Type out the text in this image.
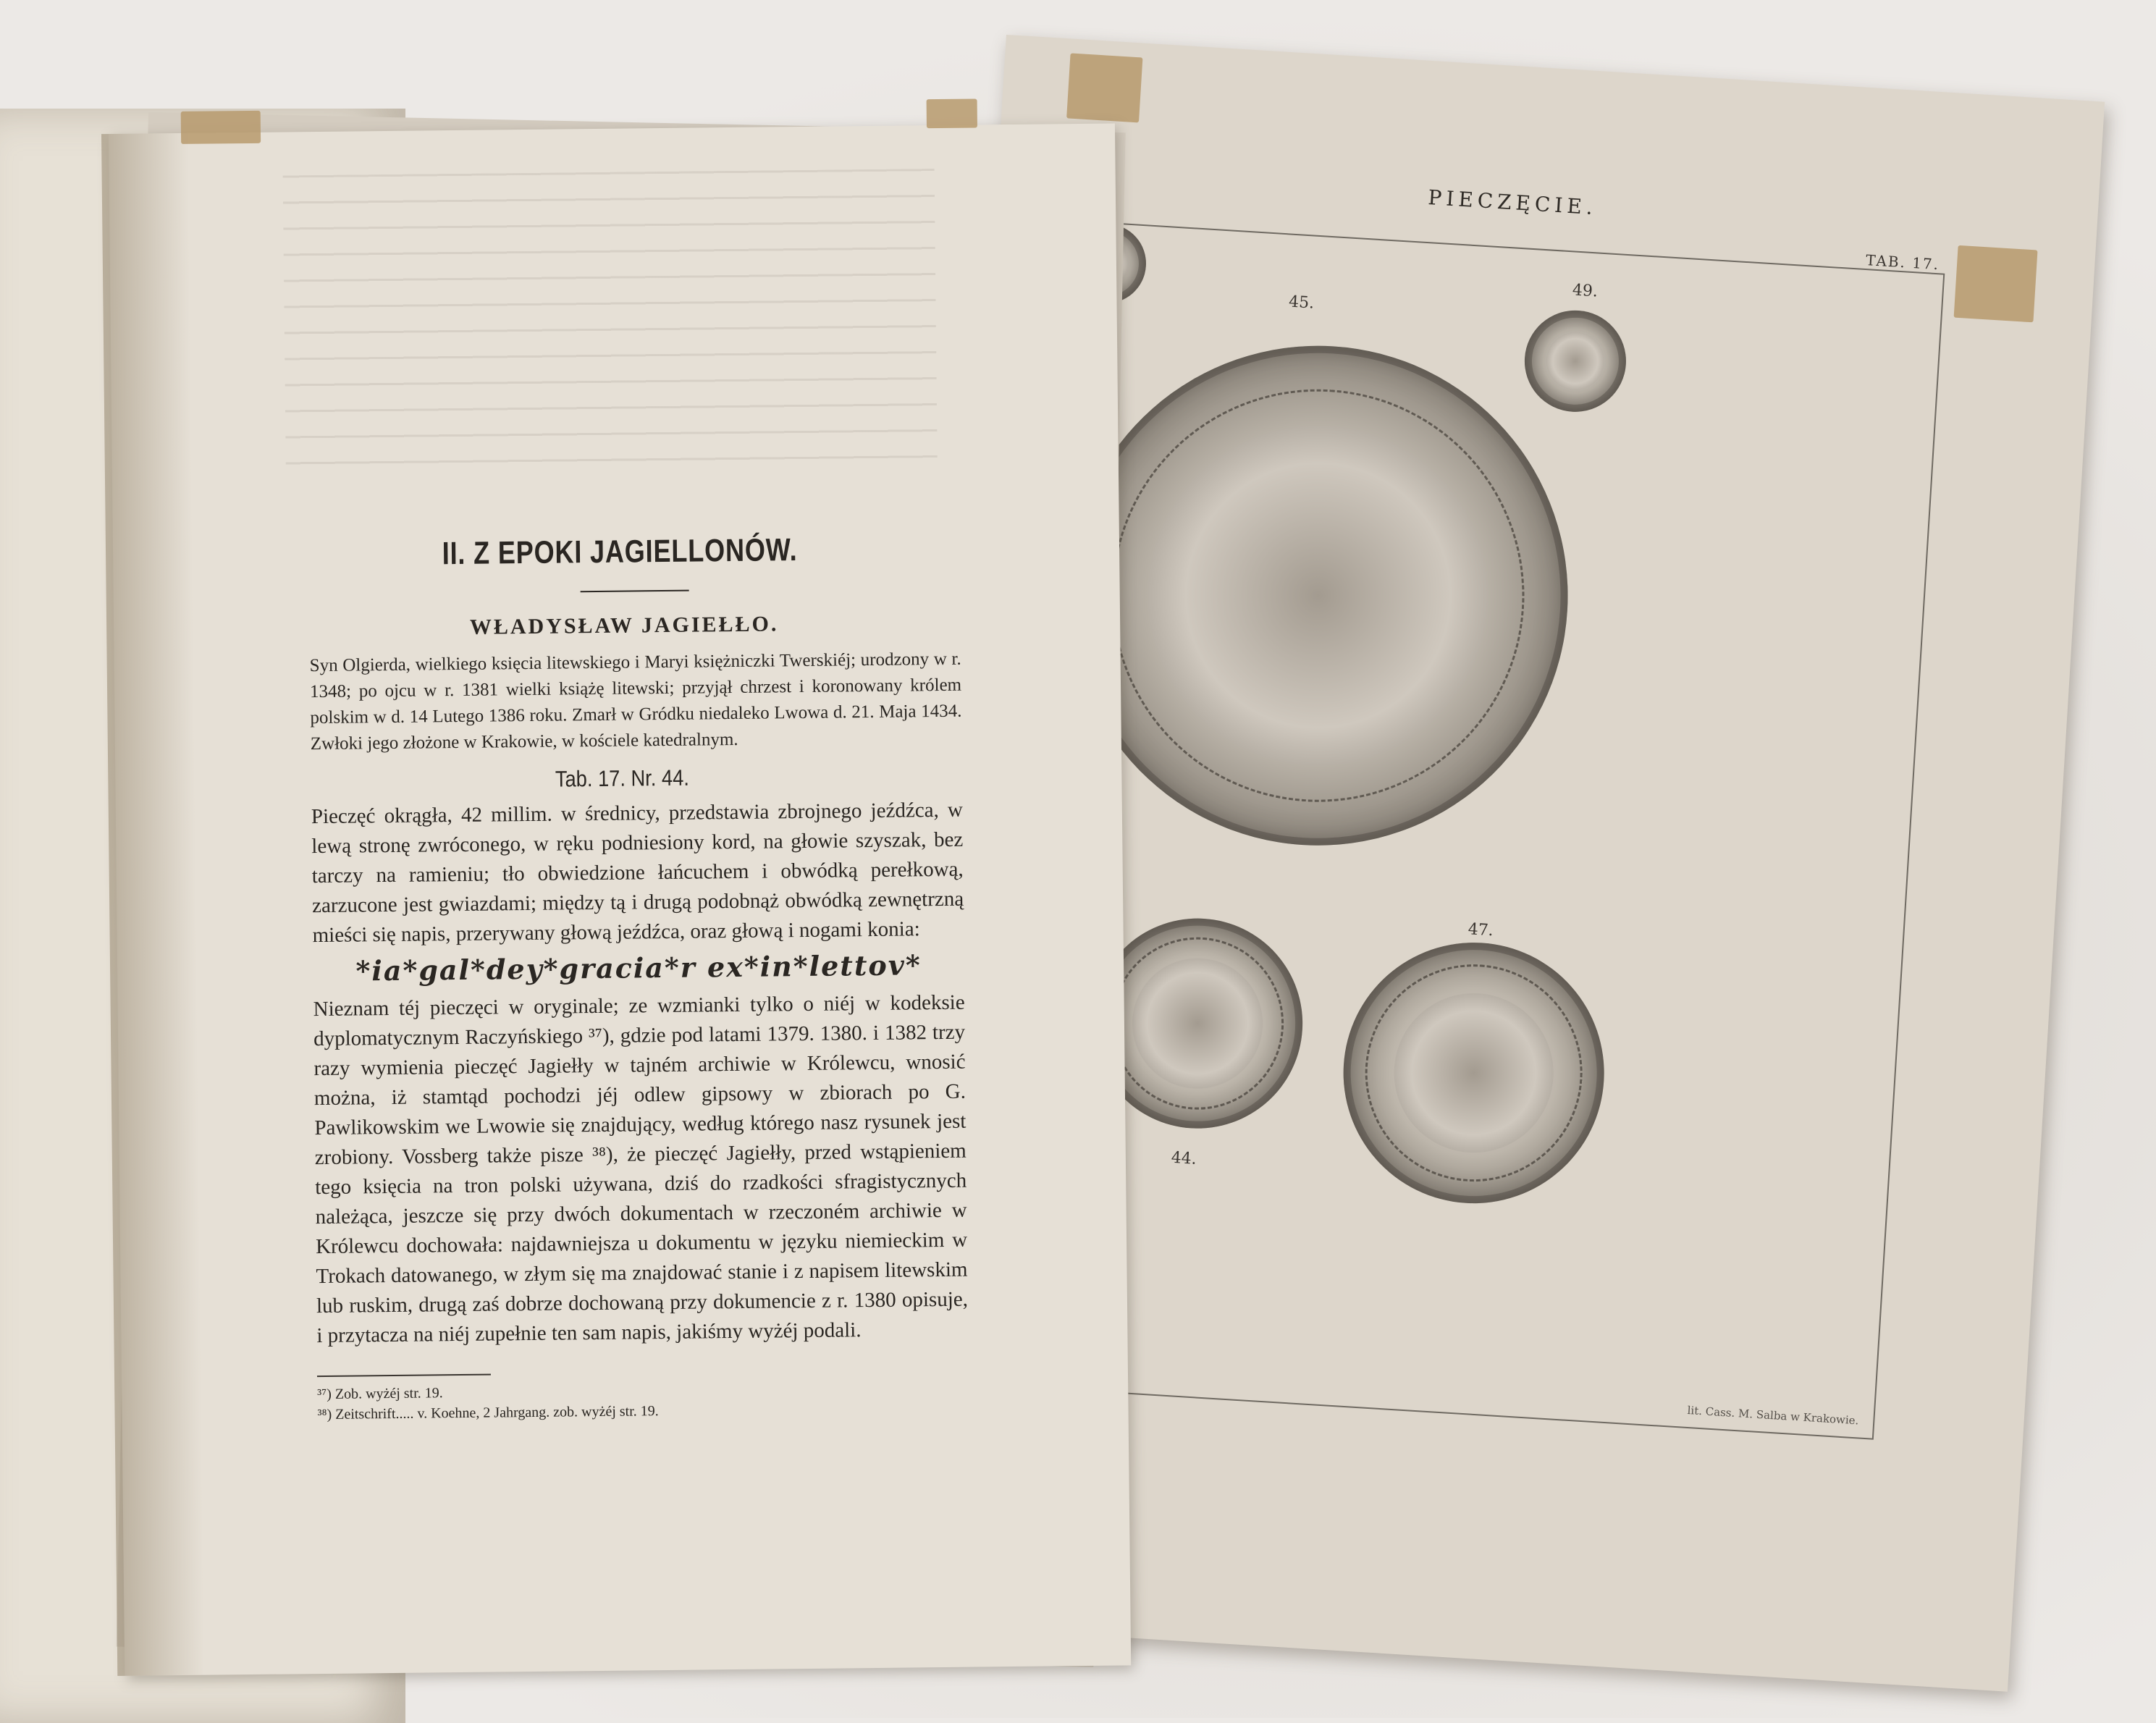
PIECZĘCIE.
TAB. 17.
49.
45.
47.
44.
lit. Cass. M. Salba w Krakowie.
II. Z EPOKI JAGIELLONÓW.
WŁADYSŁAW JAGIEŁŁO.
Syn Olgierda, wielkiego księcia litewskiego i Maryi księżniczki Twerskiéj; urodzony w r. 1348; po ojcu w r. 1381 wielki książę litewski; przyjął chrzest i koronowany królem polskim w d. 14 Lutego 1386 roku. Zmarł w Gródku niedaleko Lwowa d. 21. Maja 1434. Zwłoki jego złożone w Krakowie, w kościele katedralnym.
Tab. 17. Nr. 44.
Pieczęć okrągła, 42 millim. w średnicy, przedstawia zbrojnego jeźdźca, w lewą stronę zwróconego, w ręku podniesiony kord, na głowie szyszak, bez tarczy na ramieniu; tło obwiedzione łańcuchem i obwódką perełkową, zarzucone jest gwiazdami; między tą i drugą podobnąż obwódką zewnętrzną mieści się napis, przerywany głową jeźdźca, oraz głową i nogami konia:
*ia*gal*dey*gracia*r ex*in*lettov*
Nieznam téj pieczęci w oryginale; ze wzmianki tylko o niéj w kodeksie dyplomatycznym Raczyńskiego ³⁷), gdzie pod latami 1379. 1380. i 1382 trzy razy wymienia pieczęć Jagiełły w tajném archiwie w Królewcu, wnosić można, iż stamtąd pochodzi jéj odlew gipsowy w zbiorach po G. Pawlikowskim we Lwowie się znajdujący, według którego nasz rysunek jest zrobiony. Vossberg także pisze ³⁸), że pieczęć Jagiełły, przed wstąpieniem tego księcia na tron polski używana, dziś do rzadkości sfragistycznych należąca, jeszcze się przy dwóch dokumentach w rzeczoném archiwie w Królewcu dochowała: najdawniejsza u dokumentu w języku niemieckim w Trokach datowanego, w złym się ma znajdować stanie i z napisem litewskim lub ruskim, drugą zaś dobrze dochowaną przy dokumencie z r. 1380 opisuje, i przytacza na niéj zupełnie ten sam napis, jakiśmy wyżéj podali.
³⁷) Zob. wyżéj str. 19.
³⁸) Zeitschrift..... v. Koehne, 2 Jahrgang. zob. wyżéj str. 19.
